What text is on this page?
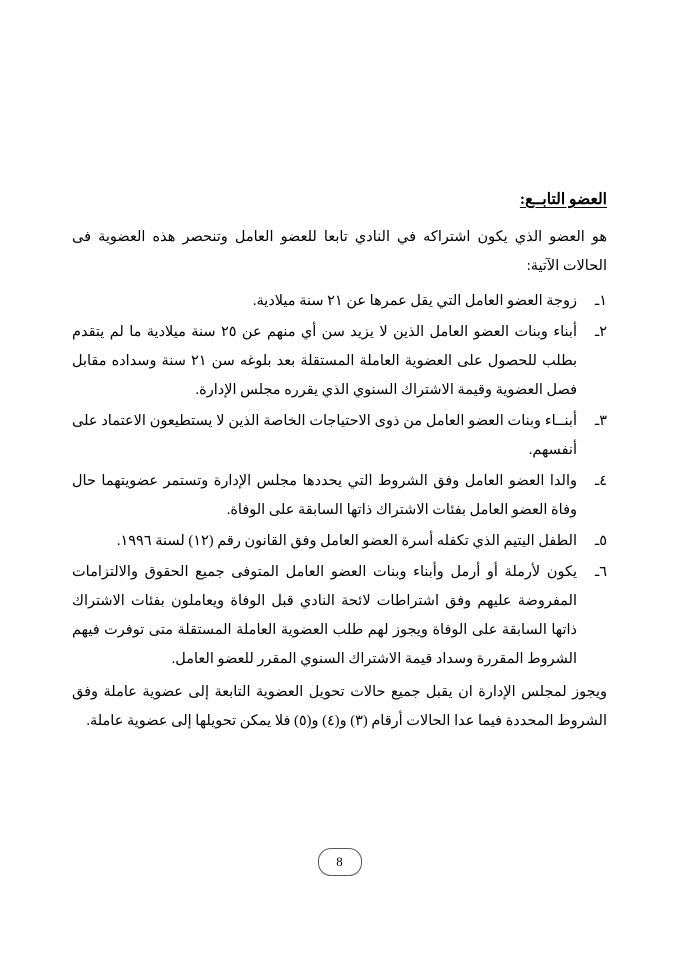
العضو التابــع:

هو العضو الذي يكون اشتراكه في النادي تابعا للعضو العامل وتنحصر هذه العضوية فى الحالات الآتية:

١ـ
زوجة العضو العامل التي يقل عمرها عن ٢١ سنة ميلادية.
٢ـ
أبناء وبنات العضو العامل الذين لا يزيد سن أي منهم عن ٢٥ سنة ميلادية ما لم يتقدم بطلب للحصول على العضوية العاملة المستقلة بعد بلوغه سن ٢١ سنة وسداده مقابل فصل العضوية وقيمة الاشتراك السنوي الذي يقرره مجلس الإدارة.
٣ـ
أبنــاء وبنات العضو العامل من ذوى الاحتياجات الخاصة الذين لا يستطيعون الاعتماد على أنفسهم.
٤ـ
والدا العضو العامل وفق الشروط التي يحددها مجلس الإدارة وتستمر عضويتهما حال وفاة العضو العامل بفئات الاشتراك ذاتها السابقة على الوفاة.
٥ـ
الطفل اليتيم الذي تكفله أسرة العضو العامل وفق القانون رقم (١٢) لسنة ١٩٩٦.
٦ـ
يكون لأرملة أو أرمل وأبناء وبنات العضو العامل المتوفى جميع الحقوق والالتزامات المفروضة عليهم وفق اشتراطات لائحة النادي قبل الوفاة ويعاملون بفئات الاشتراك ذاتها السابقة على الوفاة ويجوز لهم طلب العضوية العاملة المستقلة متى توفرت فيهم الشروط المقررة وسداد قيمة الاشتراك السنوي المقرر للعضو العامل.

ويجوز لمجلس الإدارة ان يقبل جميع حالات تحويل العضوية التابعة إلى عضوية عاملة وفق الشروط المحددة فيما عدا الحالات أرقام (٣) و(٤) و(٥) فلا يمكن تحويلها إلى عضوية عاملة.

8
